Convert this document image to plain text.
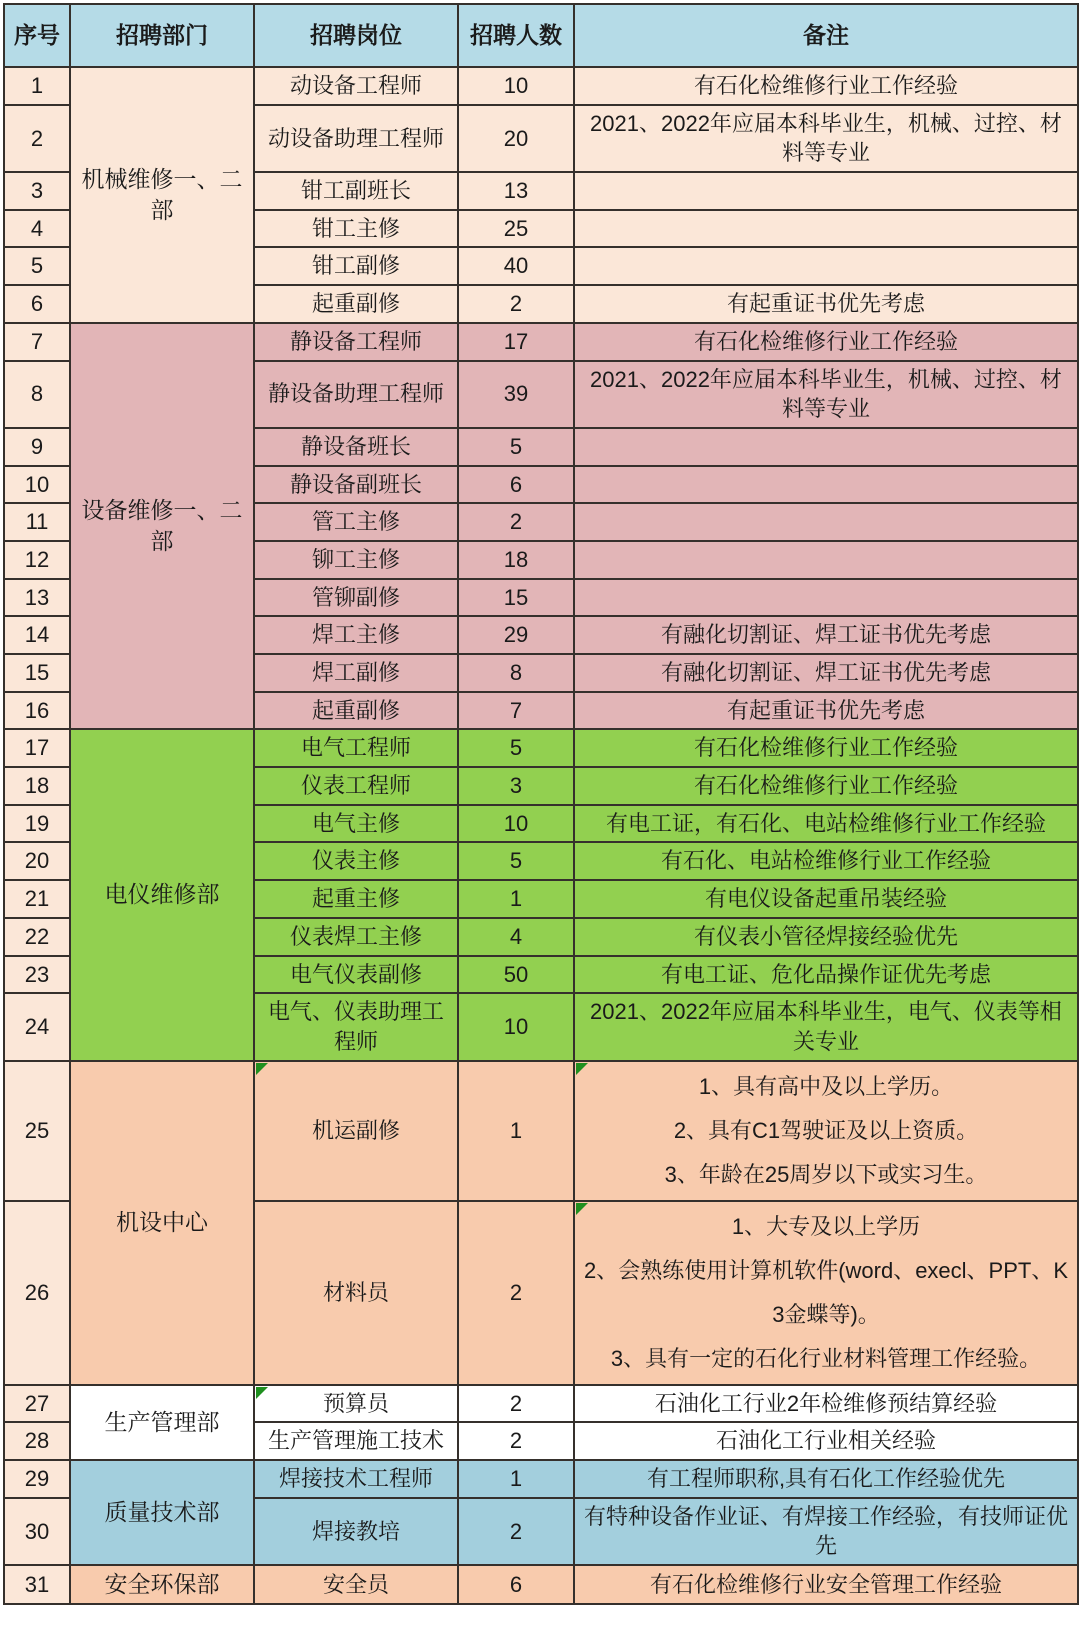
序号	招聘部门	招聘岗位	招聘人数	备注
1	机械维修一、二部	动设备工程师	10	有石化检维修行业工作经验
2		动设备助理工程师	20	2021、2022年应届本科毕业生，机械、过控、材料等专业
3		钳工副班长	13	
4		钳工主修	25	
5		钳工副修	40	
6		起重副修	2	有起重证书优先考虑
7	设备维修一、二部	静设备工程师	17	有石化检维修行业工作经验
8		静设备助理工程师	39	2021、2022年应届本科毕业生，机械、过控、材料等专业
9		静设备班长	5	
10		静设备副班长	6	
11		管工主修	2	
12		铆工主修	18	
13		管铆副修	15	
14		焊工主修	29	有融化切割证、焊工证书优先考虑
15		焊工副修	8	有融化切割证、焊工证书优先考虑
16		起重副修	7	有起重证书优先考虑
17	电仪维修部	电气工程师	5	有石化检维修行业工作经验
18		仪表工程师	3	有石化检维修行业工作经验
19		电气主修	10	有电工证，有石化、电站检维修行业工作经验
20		仪表主修	5	有石化、电站检维修行业工作经验
21		起重主修	1	有电仪设备起重吊装经验
22		仪表焊工主修	4	有仪表小管径焊接经验优先
23		电气仪表副修	50	有电工证、危化品操作证优先考虑
24		电气、仪表助理工程师	10	2021、2022年应届本科毕业生，电气、仪表等相关专业
25	机设中心	机运副修	1	1、具有高中及以上学历。
2、具有C1驾驶证及以上资质。
3、年龄在25周岁以下或实习生。

26		材料员	2	1、大专及以上学历
2、会熟练使用计算机软件(word、execl、PPT、K3金蝶等)。
3、具有一定的石化行业材料管理工作经验。

27	生产管理部	预算员	2	石油化工行业2年检维修预结算经验
28		生产管理施工技术	2	石油化工行业相关经验
29	质量技术部	焊接技术工程师	1	有工程师职称,具有石化工作经验优先
30		焊接教培	2	有特种设备作业证、有焊接工作经验，有技师证优先
31	安全环保部	安全员	6	有石化检维修行业安全管理工作经验
